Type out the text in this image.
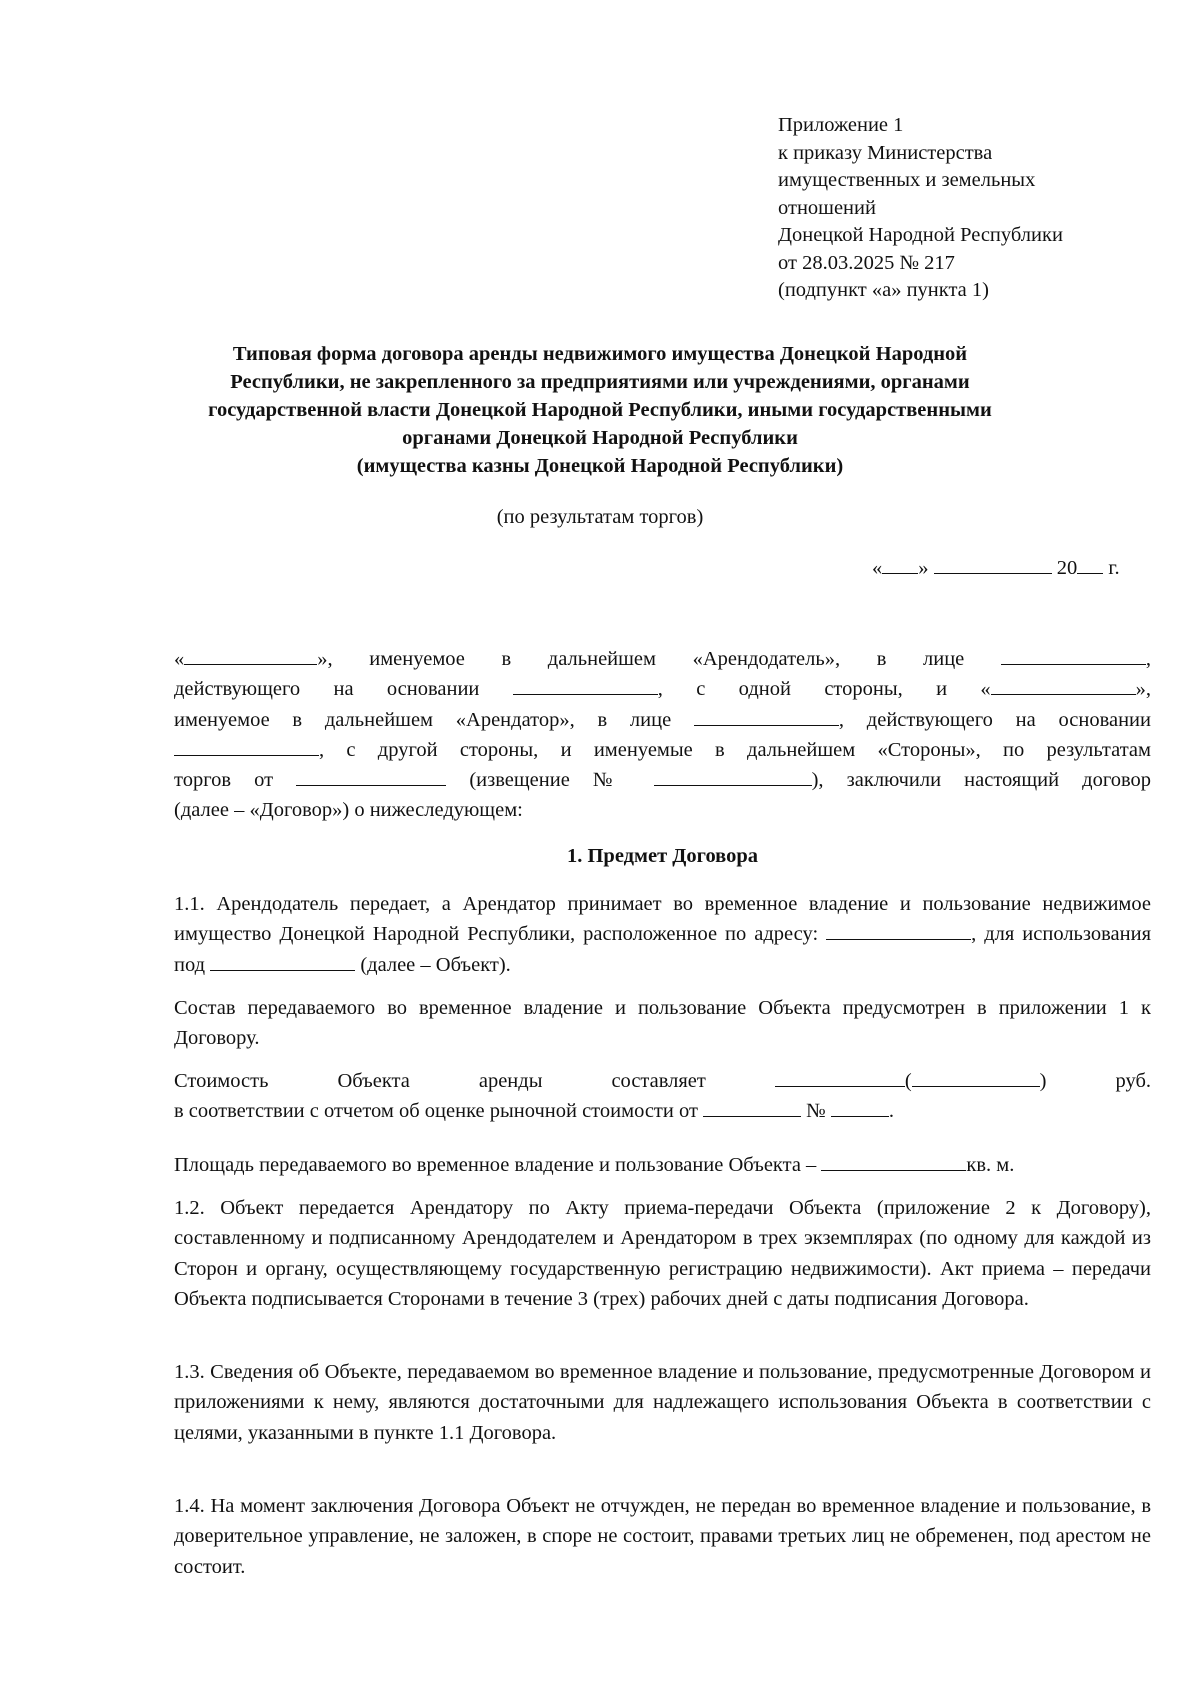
Приложение 1
к приказу Министерства
имущественных и земельных
отношений
Донецкой Народной Республики
от 28.03.2025 № 217
(подпункт «а» пункта 1)
Типовая форма договора аренды недвижимого имущества Донецкой Народной
Республики, не закрепленного за предприятиями или учреждениями, органами
государственной власти Донецкой Народной Республики, иными государственными
органами Донецкой Народной Республики
(имущества казны Донецкой Народной Республики)
(по результатам торгов)
« »	20 г.

«	», именуемое в дальнейшем «Арендодатель», в лице	,

действующего на основании	, с одной стороны, и «	»,

именуемое в дальнейшем «Арендатор», в лице	, действующего на основании

, с другой стороны, и именуемые в дальнейшем «Стороны», по результатам

торгов от	(извещение №	), заключили настоящий договор

(далее – «Договор») о нижеследующем:

1. Предмет Договора

1.1. Арендодатель передает, а Арендатор принимает во временное владение и пользование недвижимое имущество Донецкой Народной Республики, расположенное по адресу:	, для использования под	(далее – Объект).

Состав передаваемого во временное владение и пользование Объекта предусмотрен в приложении 1 к Договору.

Стоимость	Объекта	аренды	составляет	(	)	руб.

в соответствии с отчетом об оценке рыночной стоимости от	№	.

Площадь передаваемого во временное владение и пользование Объекта –	кв. м.

1.2. Объект передается Арендатору по Акту приема-передачи Объекта (приложение 2 к Договору), составленному и подписанному Арендодателем и Арендатором в трех экземплярах (по одному для каждой из Сторон и органу, осуществляющему государственную регистрацию недвижимости). Акт приема – передачи Объекта подписывается Сторонами в течение 3 (трех) рабочих дней с даты подписания Договора.

1.3. Сведения об Объекте, передаваемом во временное владение и пользование, предусмотренные Договором и приложениями к нему, являются достаточными для надлежащего использования Объекта в соответствии с целями, указанными в пункте 1.1 Договора.

1.4. На момент заключения Договора Объект не отчужден, не передан во временное владение и пользование, в доверительное управление, не заложен, в споре не состоит, правами третьих лиц не обременен, под арестом не состоит.
